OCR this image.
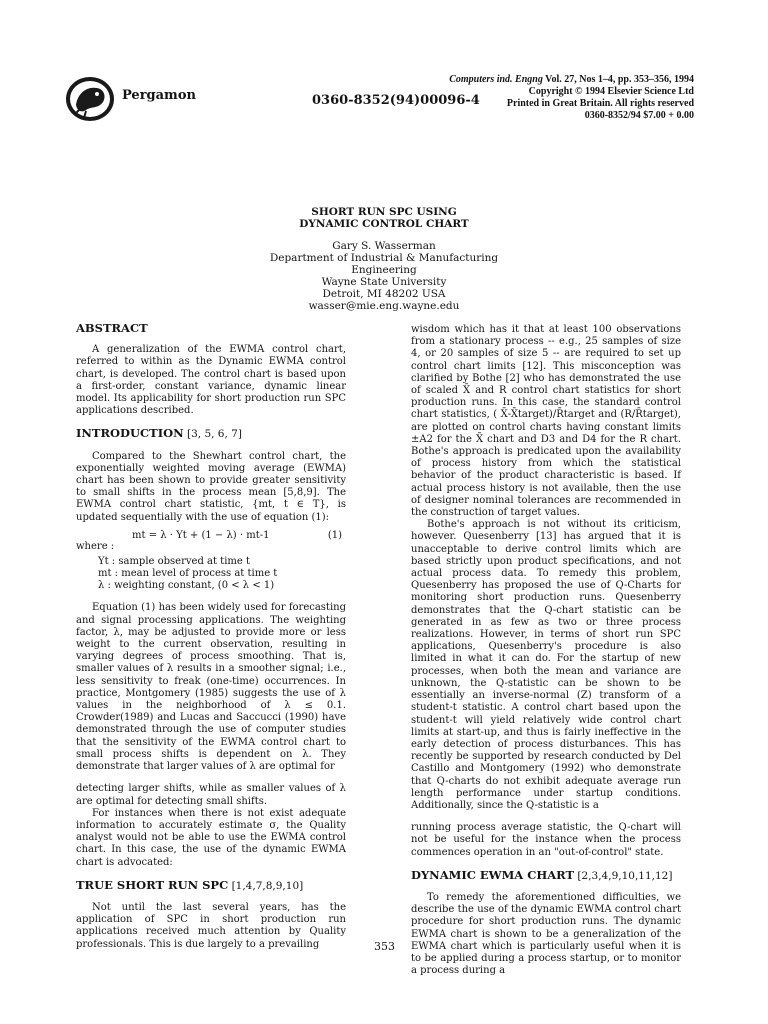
Pergamon	0360-8352(94)00096-4
Computers ind. Engng Vol. 27, Nos 1–4, pp. 353–356, 1994
Copyright © 1994 Elsevier Science Ltd
Printed in Great Britain. All rights reserved
0360-8352/94 $7.00 + 0.00
SHORT RUN SPC USING
DYNAMIC CONTROL CHART
Gary S. Wasserman
Department of Industrial & Manufacturing
Engineering
Wayne State University
Detroit, MI 48202 USA
wasser@mie.eng.wayne.edu
ABSTRACT

A generalization of the EWMA control chart, referred to within as the Dynamic EWMA control chart, is developed. The control chart is based upon a first-order, constant variance, dynamic linear model. Its applicability for short production run SPC applications described.

INTRODUCTION [3, 5, 6, 7]

Compared to the Shewhart control chart, the exponentially weighted moving average (EWMA) chart has been shown to provide greater sensitivity to small shifts in the process mean [5,8,9]. The EWMA control chart statistic, {mt, t ∈ T}, is updated sequentially with the use of equation (1):

where :
mt = λ · Yt + (1 − λ) · mt-1	(1)
Yt : sample observed at time t
mt : mean level of process at time t
λ : weighting constant, (0 < λ < 1)

Equation (1) has been widely used for forecasting and signal processing applications. The weighting factor, λ, may be adjusted to provide more or less weight to the current observation, resulting in varying degrees of process smoothing. That is, smaller values of λ results in a smoother signal; i.e., less sensitivity to freak (one-time) occurrences. In practice, Montgomery (1985) suggests the use of λ values in the neighborhood of λ ≤ 0.1. Crowder(1989) and Lucas and Saccucci (1990) have demonstrated through the use of computer studies that the sensitivity of the EWMA control chart to small process shifts is dependent on λ. They demonstrate that larger values of λ are optimal for

detecting larger shifts, while as smaller values of λ are optimal for detecting small shifts.

For instances when there is not exist adequate information to accurately estimate σ, the Quality analyst would not be able to use the EWMA control chart. In this case, the use of the dynamic EWMA chart is advocated:

TRUE SHORT RUN SPC [1,4,7,8,9,10]

Not until the last several years, has the application of SPC in short production run applications received much attention by Quality professionals. This is due largely to a prevailing

wisdom which has it that at least 100 observations from a stationary process -- e.g., 25 samples of size 4, or 20 samples of size 5 -- are required to set up control chart limits [12]. This misconception was clarified by Bothe [2] who has demonstrated the use of scaled X̄ and R control chart statistics for short production runs. In this case, the standard control chart statistics, ( X̄-X̄target)/R̄target and (R/R̄target), are plotted on control charts having constant limits ±A2 for the X̄ chart and D3 and D4 for the R chart. Bothe's approach is predicated upon the availability of process history from which the statistical behavior of the product characteristic is based. If actual process history is not available, then the use of designer nominal tolerances are recommended in the construction of target values.

Bothe's approach is not without its criticism, however. Quesenberry [13] has argued that it is unacceptable to derive control limits which are based strictly upon product specifications, and not actual process data. To remedy this problem, Quesenberry has proposed the use of Q-Charts for monitoring short production runs. Quesenberry demonstrates that the Q-chart statistic can be generated in as few as two or three process realizations. However, in terms of short run SPC applications, Quesenberry's procedure is also limited in what it can do. For the startup of new processes, when both the mean and variance are unknown, the Q-statistic can be shown to be essentially an inverse-normal (Z) transform of a student-t statistic. A control chart based upon the student-t will yield relatively wide control chart limits at start-up, and thus is fairly ineffective in the early detection of process disturbances. This has recently be supported by research conducted by Del Castillo and Montgomery (1992) who demonstrate that Q-charts do not exhibit adequate average run length performance under startup conditions. Additionally, since the Q-statistic is a

running process average statistic, the Q-chart will not be useful for the instance when the process commences operation in an "out-of-control" state.

DYNAMIC EWMA CHART [2,3,4,9,10,11,12]

To remedy the aforementioned difficulties, we describe the use of the dynamic EWMA control chart procedure for short production runs. The dynamic EWMA chart is shown to be a generalization of the EWMA chart which is particularly useful when it is to be applied during a process startup, or to monitor a process during a

353
